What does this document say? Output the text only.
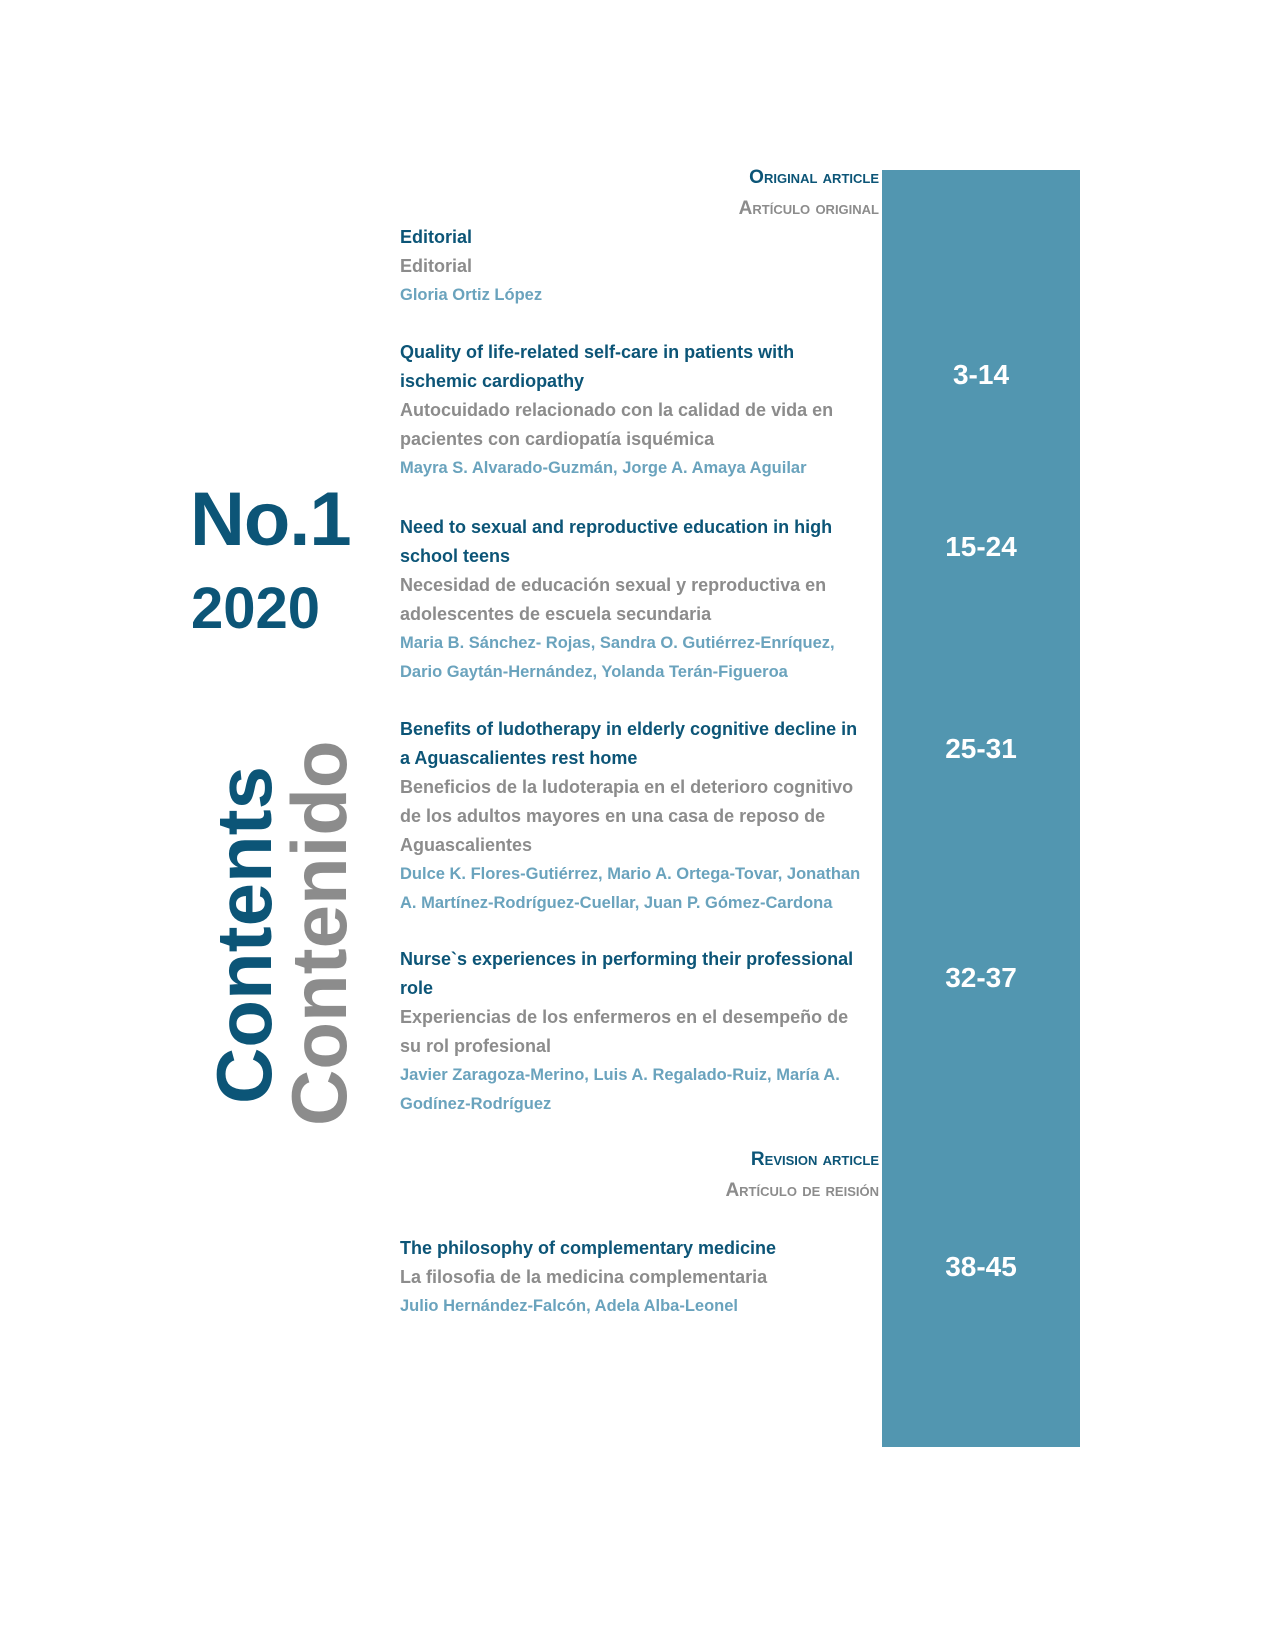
No.1
2020
Contents
Contenido
Original article
Artículo original
Editorial
Editorial
Gloria Ortiz López
Quality of life-related self-care in patients with
ischemic cardiopathy
Autocuidado relacionado con la calidad de vida en
pacientes con cardiopatía isquémica
Mayra S. Alvarado-Guzmán, Jorge A. Amaya Aguilar
3-14
Need to sexual and reproductive education in high
school teens
Necesidad de educación sexual y reproductiva en
adolescentes de escuela secundaria
Maria B. Sánchez- Rojas, Sandra O. Gutiérrez-Enríquez,
Dario Gaytán-Hernández, Yolanda Terán-Figueroa
15-24
Benefits of ludotherapy in elderly cognitive decline in
a Aguascalientes rest home
Beneficios de la ludoterapia en el deterioro cognitivo
de los adultos mayores en una casa de reposo de
Aguascalientes
Dulce K. Flores-Gutiérrez, Mario A. Ortega-Tovar, Jonathan
A. Martínez-Rodríguez-Cuellar, Juan P. Gómez-Cardona
25-31
Nurse`s experiences in performing their professional
role
Experiencias de los enfermeros en el desempeño de
su rol profesional
Javier Zaragoza-Merino, Luis A. Regalado-Ruiz, María A.
Godínez-Rodríguez
32-37
Revision article
Artículo de reisión
The philosophy of complementary medicine
La filosofia de la medicina complementaria
Julio Hernández-Falcón, Adela Alba-Leonel
38-45
